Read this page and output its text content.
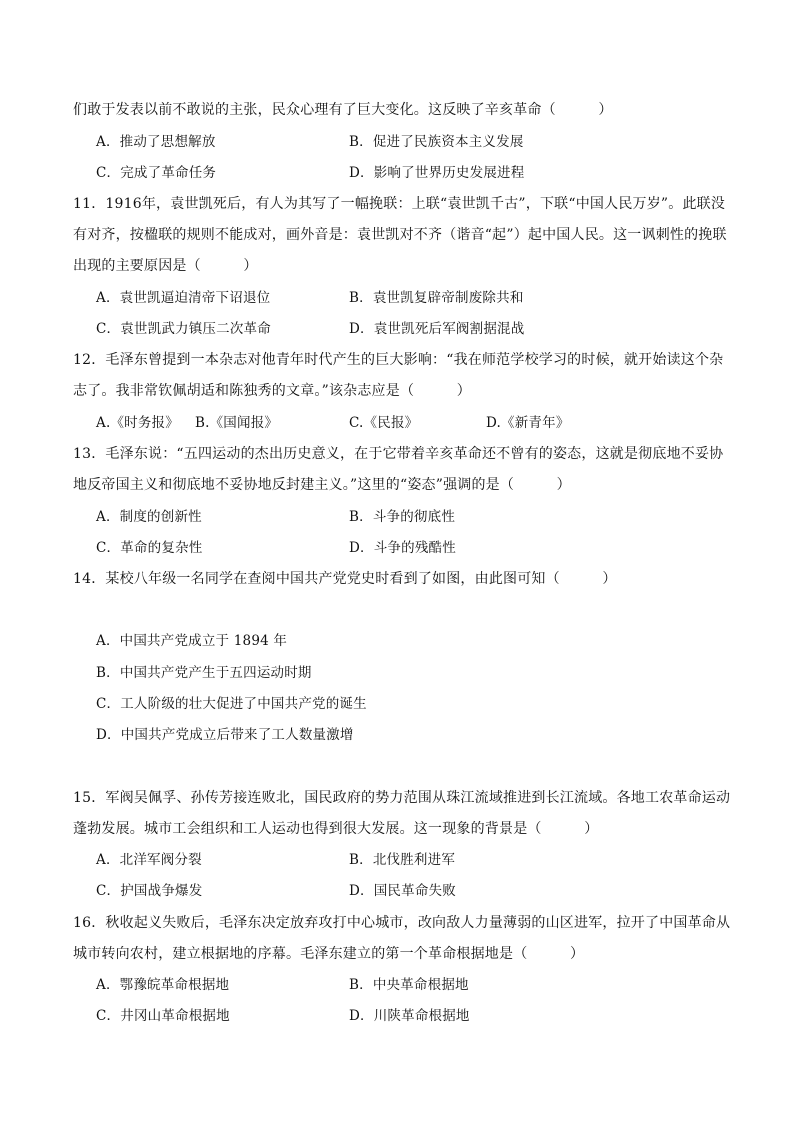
们敢于发表以前不敢说的主张，民众心理有了巨大变化。这反映了辛亥革命（　　　）
A．推动了思想解放	B．促进了民族资本主义发展
C．完成了革命任务	D．影响了世界历史发展进程
11．1916年，袁世凯死后，有人为其写了一幅挽联：上联“袁世凯千古”，下联“中国人民万岁”。此联没
有对齐，按楹联的规则不能成对，画外音是：袁世凯对不齐（谐音“起”）起中国人民。这一讽刺性的挽联
出现的主要原因是（　　　）
A．袁世凯逼迫清帝下诏退位	B．袁世凯复辟帝制废除共和
C．袁世凯武力镇压二次革命	D．袁世凯死后军阀割据混战
12．毛泽东曾提到一本杂志对他青年时代产生的巨大影响：“我在师范学校学习的时候，就开始读这个杂
志了。我非常钦佩胡适和陈独秀的文章。”该杂志应是（　　　）
A.《时务报》 B.《国闻报》	C.《民报》	D.《新青年》
13．毛泽东说：“五四运动的杰出历史意义，在于它带着辛亥革命还不曾有的姿态，这就是彻底地不妥协
地反帝国主义和彻底地不妥协地反封建主义。”这里的“姿态”强调的是（　　　）
A．制度的创新性	B．斗争的彻底性
C．革命的复杂性	D．斗争的残酷性
14．某校八年级一名同学在查阅中国共产党党史时看到了如图，由此图可知（　　　）
A．中国共产党成立于 1894 年
B．中国共产党产生于五四运动时期
C．工人阶级的壮大促进了中国共产党的诞生
D．中国共产党成立后带来了工人数量激增
15．军阀吴佩孚、孙传芳接连败北，国民政府的势力范围从珠江流域推进到长江流域。各地工农革命运动
蓬勃发展。城市工会组织和工人运动也得到很大发展。这一现象的背景是（　　　）
A．北洋军阀分裂	B．北伐胜利进军
C．护国战争爆发	D．国民革命失败
16．秋收起义失败后，毛泽东决定放弃攻打中心城市，改向敌人力量薄弱的山区进军，拉开了中国革命从
城市转向农村，建立根据地的序幕。毛泽东建立的第一个革命根据地是（　　　）
A．鄂豫皖革命根据地	B．中央革命根据地
C．井冈山革命根据地	D．川陕革命根据地
